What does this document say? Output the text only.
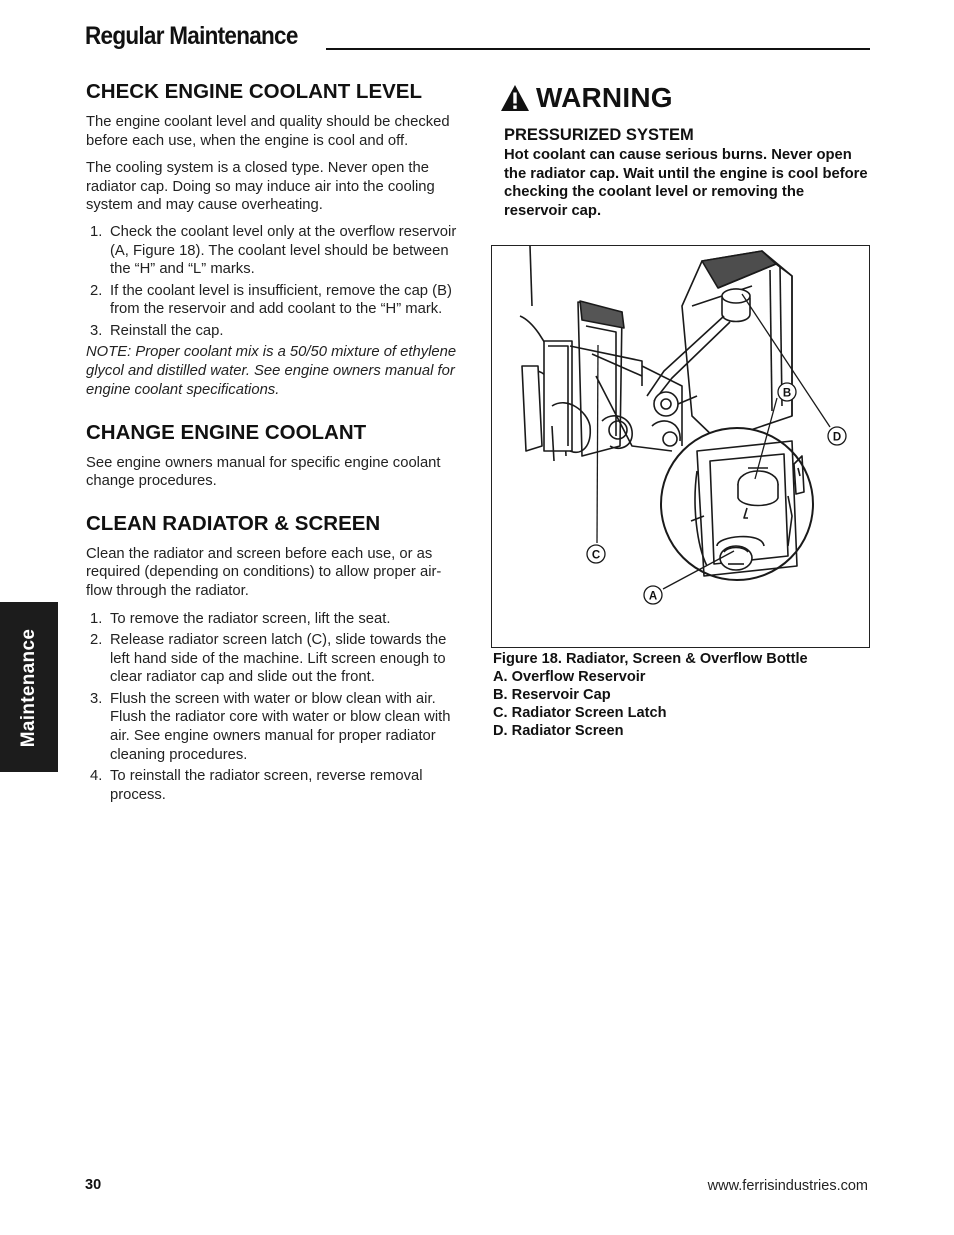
Regular Maintenance
Maintenance
CHECK ENGINE COOLANT LEVEL

The engine coolant level and quality should be checked before each use, when the engine is cool and off.

The cooling system is a closed type. Never open the radiator cap. Doing so may induce air into the cooling system and may cause overheating.

1. Check the coolant level only at the overflow reservoir (A, Figure 18). The coolant level should be between the “H” and “L” marks.
2. If the coolant level is insufficient, remove the cap (B) from the reservoir and add coolant to the “H” mark.
3. Reinstall the cap.

NOTE: Proper coolant mix is a 50/50 mixture of ethylene glycol and distilled water. See engine owners manual for engine coolant specifications.

CHANGE ENGINE COOLANT

See engine owners manual for specific engine coolant change procedures.

CLEAN RADIATOR & SCREEN

Clean the radiator and screen before each use, or as required (depending on conditions) to allow proper air-flow through the radiator.

1. To remove the radiator screen, lift the seat.
2. Release radiator screen latch (C), slide towards the left hand side of the machine. Lift screen enough to clear radiator cap and slide out the front.
3. Flush the screen with water or blow clean with air. Flush the radiator core with water or blow clean with air. See engine owners manual for proper radiator cleaning procedures.
4. To reinstall the radiator screen, reverse removal process.
WARNING

PRESSURIZED SYSTEM

Hot coolant can cause serious burns. Never open the radiator cap. Wait until the engine is cool before checking the coolant level or removing the reservoir cap.

B
D
C
A
Figure 18. Radiator, Screen & Overflow Bottle
A. Overflow Reservoir
B. Reservoir Cap
C. Radiator Screen Latch
D. Radiator Screen
30	www.ferrisindustries.com
